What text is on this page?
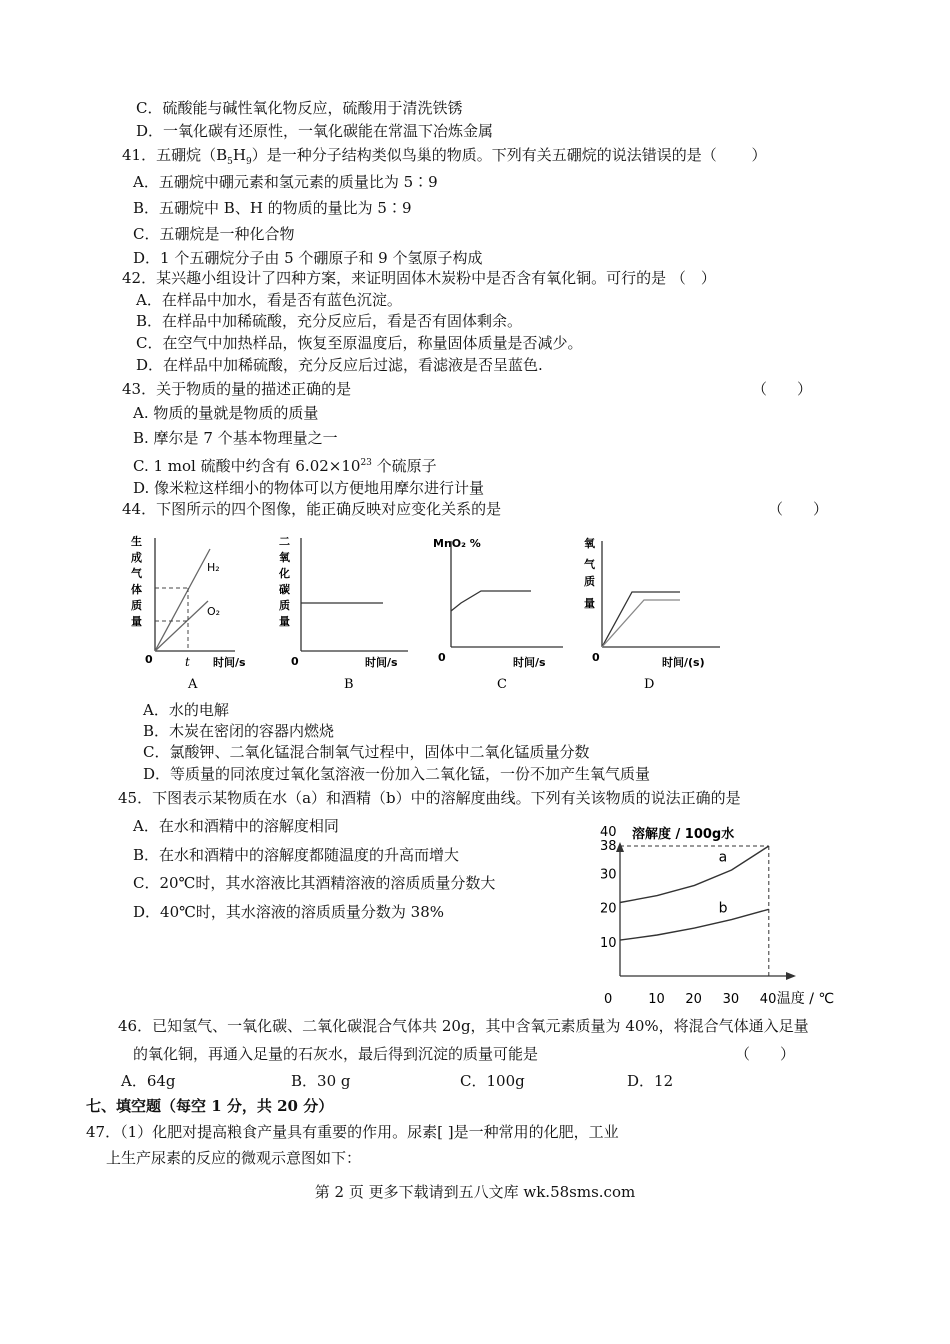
C．硫酸能与碱性氧化物反应，硫酸用于清洗铁锈
D．一氧化碳有还原性，一氧化碳能在常温下冶炼金属
41．五硼烷$(B_5H_9)$是一种分子结构类似鸟巢的物质。下列有关五硼烷的说法错误的是（　　 ）
A．五硼烷中硼元素和氢元素的质量比为 5∶9
B．五硼烷中 B、H 的物质的量比为 5∶9
C．五硼烷是一种化合物
D．1 个五硼烷分子由 5 个硼原子和 9 个氢原子构成
42．某兴趣小组设计了四种方案，来证明固体木炭粉中是否含有氧化铜。可行的是 （　）
A．在样品中加水，看是否有蓝色沉淀。
B．在样品中加稀硫酸，充分反应后，看是否有固体剩余。
C．在空气中加热样品，恢复至原温度后，称量固体质量是否减少。
D．在样品中加稀硫酸，充分反应后过滤，看滤液是否呈蓝色.
43．关于物质的量的描述正确的是	（　　）
A. 物质的量就是物质的质量
B. 摩尔是 7 个基本物理量之一
C. 1 mol 硫酸中约含有 $6.02\times 10^{23}$ 个硫原子
D. 像米粒这样细小的物体可以方便地用摩尔进行计量
44．下图所示的四个图像，能正确反映对应变化关系的是	（　　）
生
成
气
体
质
量
H₂
O₂
0	t 时间/s
A
二
氧
化
碳
质
量
0	时间/s
B
MnO₂ %
0	时间/s
C
氧
气
质
量
0	时间/(s)
D
A．水的电解
B．木炭在密闭的容器内燃烧
C．氯酸钾、二氧化锰混合制氧气过程中，固体中二氧化锰质量分数
D．等质量的同浓度过氧化氢溶液一份加入二氧化锰，一份不加产生氧气质量
45．下图表示某物质在水（a）和酒精（b）中的溶解度曲线。下列有关该物质的说法正确的是
A．在水和酒精中的溶解度相同
B．在水和酒精中的溶解度都随温度的升高而增大
C．20℃时，其水溶液比其酒精溶液的溶质质量分数大
D．40℃时，其水溶液的溶质质量分数为 38%
溶解度 / 100g水
10
20
30
38
40
0	10 20 30 40
a
b
温度 / ℃
46．已知氢气、一氧化碳、二氧化碳混合气体共 20g，其中含氧元素质量为 40%，将混合气体通入足量
的氧化铜，再通入足量的石灰水，最后得到沉淀的质量可能是	（　　）
A．64g	B．30 g	C．100g	D．12
七、填空题（每空 1 分，共 20 分）
47．（1）化肥对提高粮食产量具有重要的作用。尿素[ ]是一种常用的化肥，工业
上生产尿素的反应的微观示意图如下：
第 2 页 更多下载请到五八文库 wk.58sms.com
